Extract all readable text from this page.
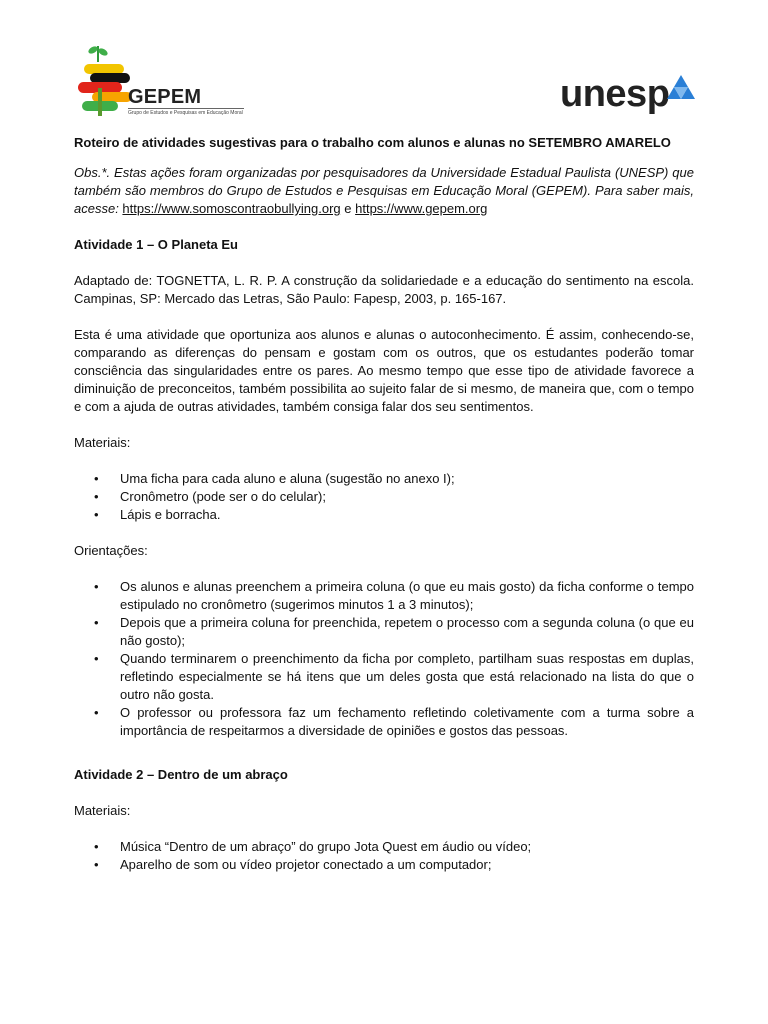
GEPEM
Grupo de Estudos e Pesquisas em Educação Moral	unesp
Roteiro de atividades sugestivas para o trabalho com alunos e alunas no SETEMBRO AMARELO

Obs.*. Estas ações foram organizadas por pesquisadores da Universidade Estadual Paulista (UNESP) que também são membros do Grupo de Estudos e Pesquisas em Educação Moral (GEPEM). Para saber mais, acesse: https://www.somoscontraobullying.org e https://www.gepem.org

Atividade 1 – O Planeta Eu

Adaptado de: TOGNETTA, L. R. P. A construção da solidariedade e a educação do sentimento na escola. Campinas, SP: Mercado das Letras, São Paulo: Fapesp, 2003, p. 165-167.

Esta é uma atividade que oportuniza aos alunos e alunas o autoconhecimento. É assim, conhecendo-se, comparando as diferenças do pensam e gostam com os outros, que os estudantes poderão tomar consciência das singularidades entre os pares. Ao mesmo tempo que esse tipo de atividade favorece a diminuição de preconceitos, também possibilita ao sujeito falar de si mesmo, de maneira que, com o tempo e com a ajuda de outras atividades, também consiga falar dos seu sentimentos.

Materiais:
• Uma ficha para cada aluno e aluna (sugestão no anexo I);
• Cronômetro (pode ser o do celular);
• Lápis e borracha.
Orientações:
• Os alunos e alunas preenchem a primeira coluna (o que eu mais gosto) da ficha conforme o tempo estipulado no cronômetro (sugerimos minutos 1 a 3 minutos);
• Depois que a primeira coluna for preenchida, repetem o processo com a segunda coluna (o que eu não gosto);
• Quando terminarem o preenchimento da ficha por completo, partilham suas respostas em duplas, refletindo especialmente se há itens que um deles gosta que está relacionado na lista do que o outro não gosta.
• O professor ou professora faz um fechamento refletindo coletivamente com a turma sobre a importância de respeitarmos a diversidade de opiniões e gostos das pessoas.
Atividade 2 – Dentro de um abraço
Materiais:
• Música “Dentro de um abraço” do grupo Jota Quest em áudio ou vídeo;
• Aparelho de som ou vídeo projetor conectado a um computador;
